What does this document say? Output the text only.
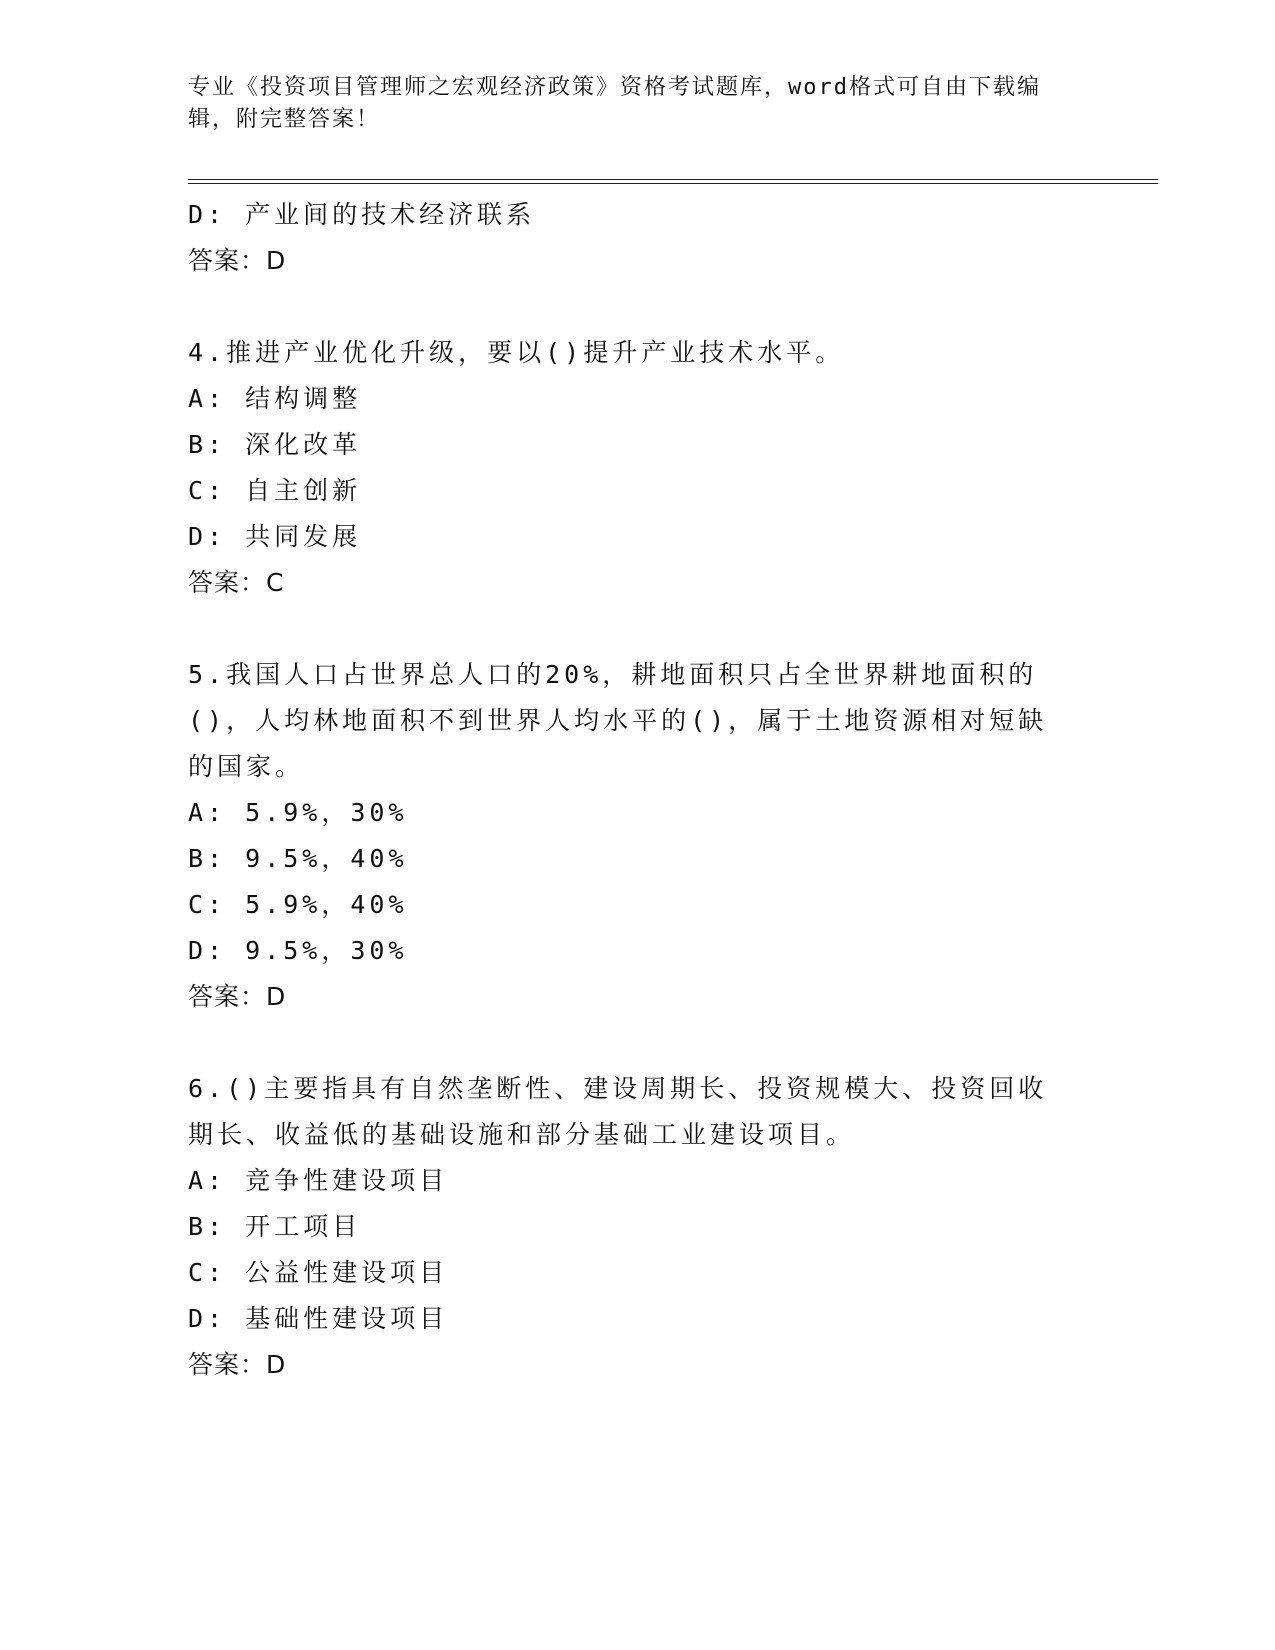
专业《投资项目管理师之宏观经济政策》资格考试题库，word格式可自由下载编辑，附完整答案！
D: 产业间的技术经济联系
答案：D
4.推进产业优化升级，要以()提升产业技术水平。
A: 结构调整
B: 深化改革
C: 自主创新
D: 共同发展
答案：C
5.我国人口占世界总人口的20%，耕地面积只占全世界耕地面积的()，人均林地面积不到世界人均水平的()，属于土地资源相对短缺的国家。
A: 5.9%，30%
B: 9.5%，40%
C: 5.9%，40%
D: 9.5%，30%
答案：D
6.()主要指具有自然垄断性、建设周期长、投资规模大、投资回收期长、收益低的基础设施和部分基础工业建设项目。
A: 竞争性建设项目
B: 开工项目
C: 公益性建设项目
D: 基础性建设项目
答案：D
